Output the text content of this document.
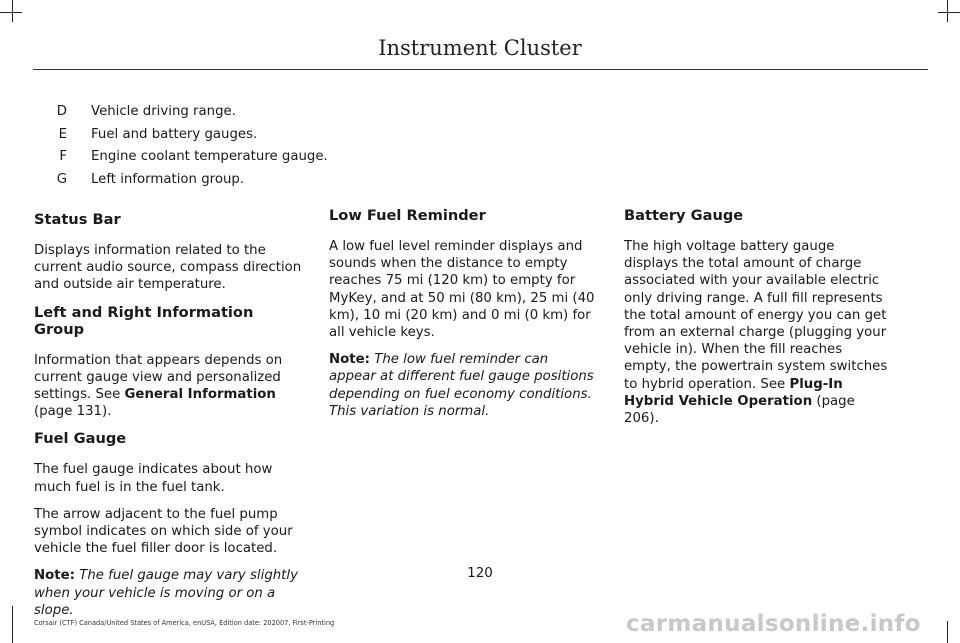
Instrument Cluster
D	Vehicle driving range.
E	Fuel and battery gauges.
F	Engine coolant temperature gauge.
G	Left information group.
Status Bar

Displays information related to the current audio source, compass direction and outside air temperature.

Left and Right Information Group

Information that appears depends on current gauge view and personalized settings. See General Information (page 131).

Fuel Gauge

The fuel gauge indicates about how much fuel is in the fuel tank.

The arrow adjacent to the fuel pump symbol indicates on which side of your vehicle the fuel filler door is located.

Note: The fuel gauge may vary slightly when your vehicle is moving or on a slope.

Low Fuel Reminder

A low fuel level reminder displays and sounds when the distance to empty reaches 75 mi (120 km) to empty for MyKey, and at 50 mi (80 km), 25 mi (40 km), 10 mi (20 km) and 0 mi (0 km) for all vehicle keys.

Note: The low fuel reminder can appear at different fuel gauge positions depending on fuel economy conditions. This variation is normal.

Battery Gauge

The high voltage battery gauge displays the total amount of charge associated with your available electric only driving range. A full fill represents the total amount of energy you can get from an external charge (plugging your vehicle in). When the fill reaches empty, the powertrain system switches to hybrid operation. See Plug-In Hybrid Vehicle Operation (page 206).

120
Corsair (CTF) Canada/United States of America, enUSA, Edition date: 202007, First-Printing	carmanualsonline.info
